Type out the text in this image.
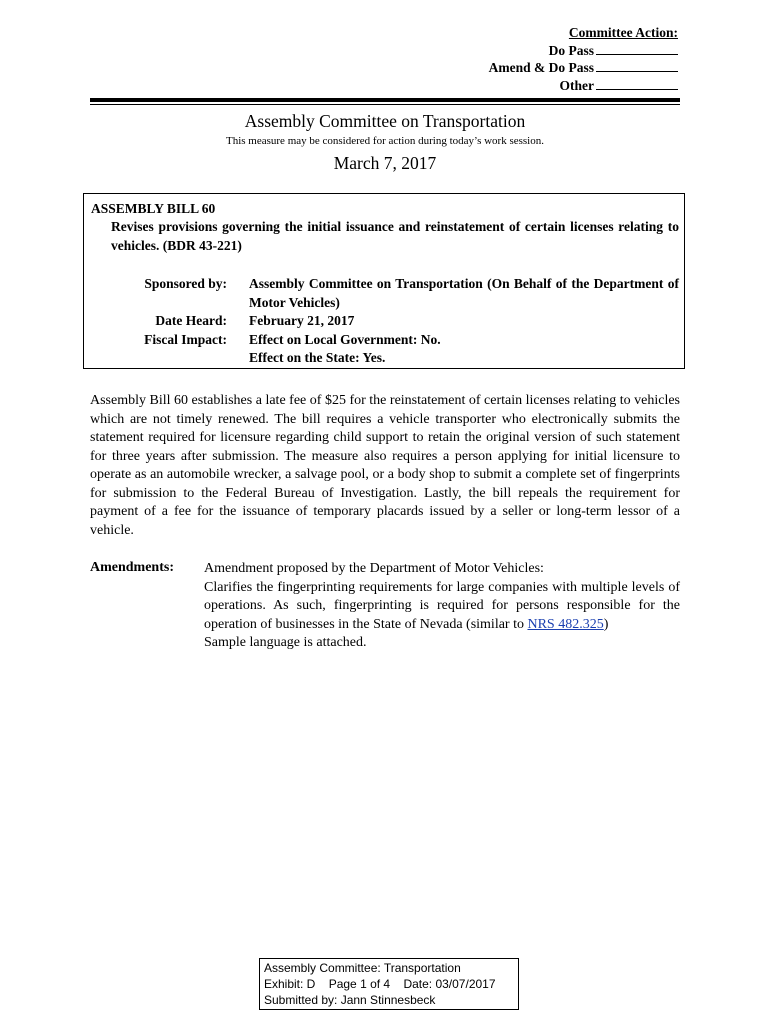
Committee Action:
Do Pass
Amend & Do Pass
Other
Assembly Committee on Transportation
This measure may be considered for action during today’s work session.
March 7, 2017
ASSEMBLY BILL 60
Revises provisions governing the initial issuance and reinstatement of certain licenses relating to vehicles. (BDR 43-221)
Sponsored by: Assembly Committee on Transportation (On Behalf of the Department of Motor Vehicles)
Date Heard: February 21, 2017
Fiscal Impact: Effect on Local Government: No.
Effect on the State: Yes.
Assembly Bill 60 establishes a late fee of $25 for the reinstatement of certain licenses relating to vehicles which are not timely renewed. The bill requires a vehicle transporter who electronically submits the statement required for licensure regarding child support to retain the original version of such statement for three years after submission. The measure also requires a person applying for initial licensure to operate as an automobile wrecker, a salvage pool, or a body shop to submit a complete set of fingerprints for submission to the Federal Bureau of Investigation. Lastly, the bill repeals the requirement for payment of a fee for the issuance of temporary placards issued by a seller or long-term lessor of a vehicle.
Amendments: Amendment proposed by the Department of Motor Vehicles:

Clarifies the fingerprinting requirements for large companies with multiple levels of operations. As such, fingerprinting is required for persons responsible for the operation of businesses in the State of Nevada (similar to NRS 482.325)

Sample language is attached.

Assembly Committee: Transportation
Exhibit: D Page 1 of 4 Date: 03/07/2017
Submitted by: Jann Stinnesbeck
